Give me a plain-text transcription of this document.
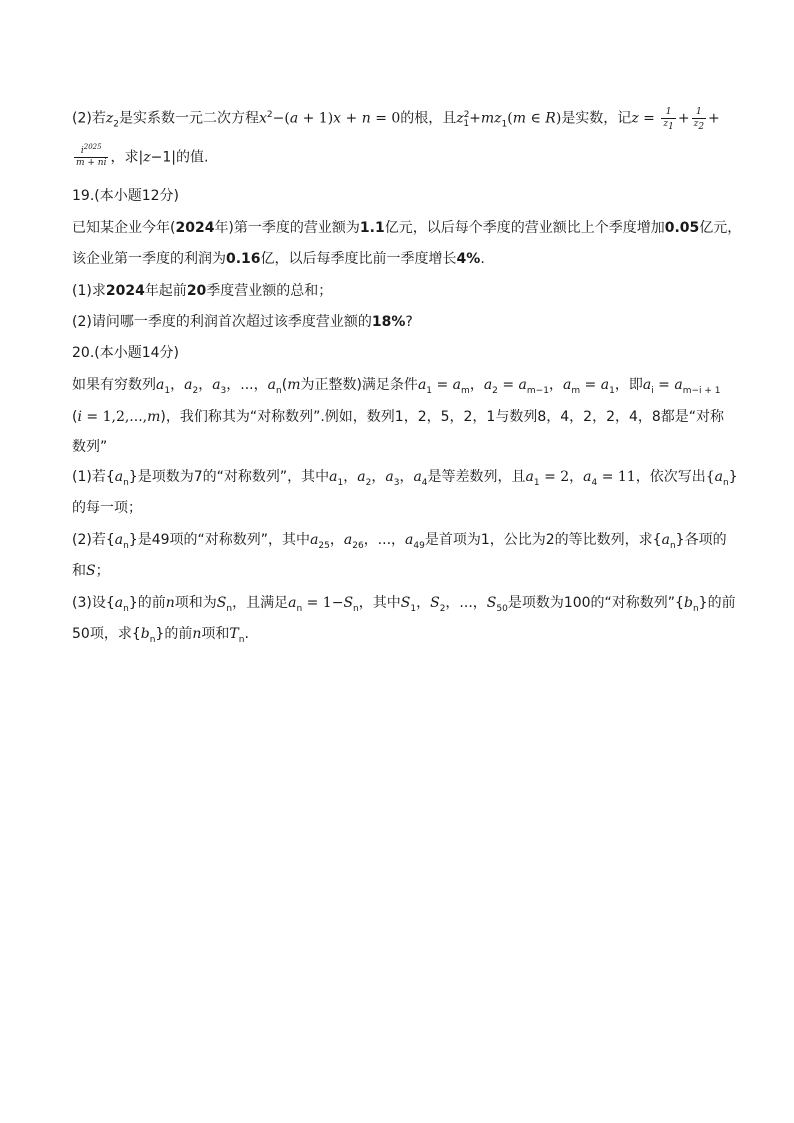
(2)若$z_2$是实系数一元二次方程$x^2-(a + 1)x + n = 0$的根，且$z^2_1+mz_1(m$ ∈ R)是实数，记$z = \frac{1}{z_1} + \frac{1}{z_2}$ +
$\frac{i^{2025}}{m + ni}$ ，求|z−1|的值.
19.(本小题12分)
已知某企业今年(2024年)第一季度的营业额为1.1亿元，以后每个季度的营业额比上个季度增加0.05亿元，
该企业第一季度的利润为0.16亿，以后每季度比前一季度增长4%.
(1)求2024年起前20季度营业额的总和；
(2)请问哪一季度的利润首次超过该季度营业额的18%?
20.(本小题14分)
如果有穷数列$a_1$，$a_2$，$a_3$，...，$a_n(m$为正整数)满足条件$a_1 = a_m$，$a_2 = a_{m-1}$，$a_m = a_1$，即$a_i = a_{m-i + 1}$
(i = 1,2,...,m)，我们称其为“对称数列”.例如，数列1，2，5，2，1与数列8，4，2，2，4，8都是“对称
数列”
(1)若$\{a_n\}$是项数为7的“对称数列”，其中$a_1$，$a_2$，$a_3$，$a_4$是等差数列，且$a_1 = 2$，$a_4 = 11$，依次写出$\{a_n\}$
的每一项；
(2)若$\{a_n\}$是49项的“对称数列”，其中$a_{25}$，$a_{26}$，...，$a_{49}$是首项为1，公比为2的等比数列，求$\{a_n\}$各项的
和S；
(3)设$\{a_n\}$的前n项和为$S_n$，且满足$a_n = 1-S_n$，其中$S_1$，$S_2$，...，$S_{50}$是项数为100的“对称数列$”\{b_n\}$的前
50项，求$\{b_n\}$的前n项和$T_n$.
